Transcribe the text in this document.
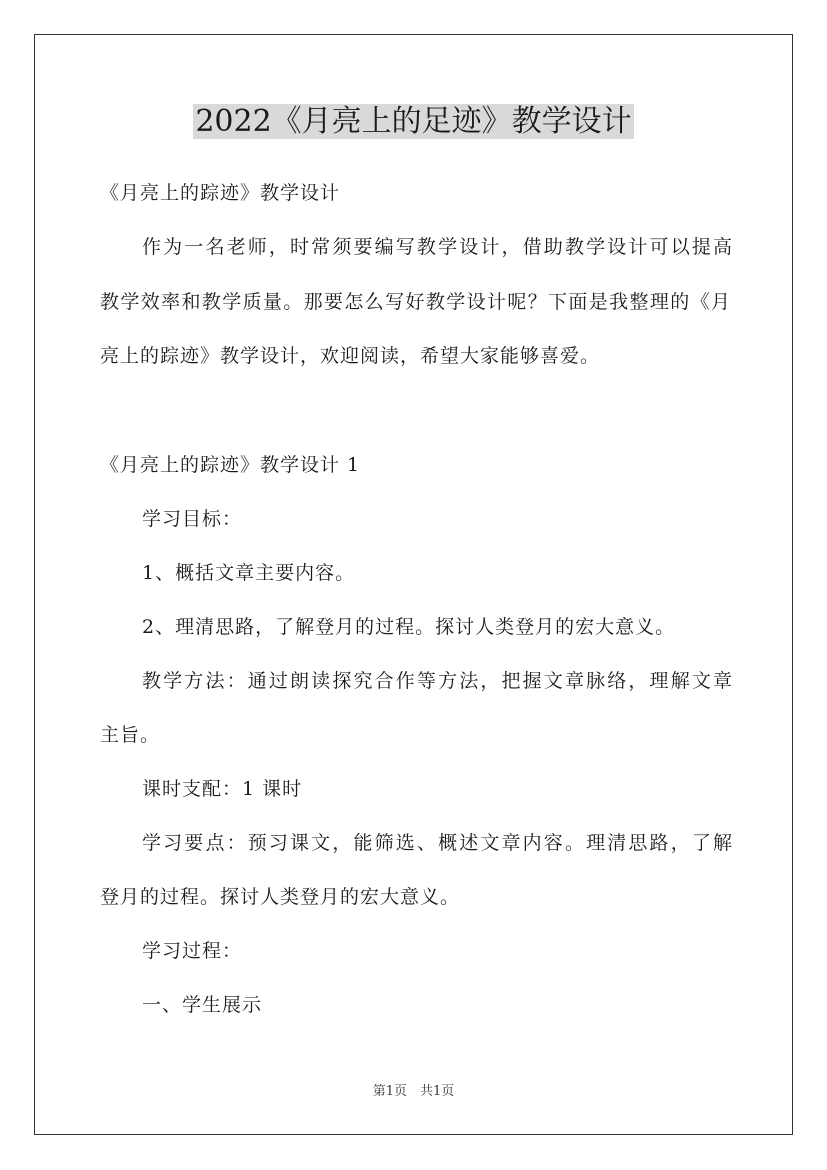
2022《月亮上的足迹》教学设计
《月亮上的踪迹》教学设计
作为一名老师，时常须要编写教学设计，借助教学设计可以提高
教学效率和教学质量。那要怎么写好教学设计呢？下面是我整理的《月
亮上的踪迹》教学设计，欢迎阅读，希望大家能够喜爱。
《月亮上的踪迹》教学设计 1
学习目标：
1、概括文章主要内容。
2、理清思路，了解登月的过程。探讨人类登月的宏大意义。
教学方法：通过朗读探究合作等方法，把握文章脉络，理解文章
主旨。
课时支配：1 课时
学习要点：预习课文，能筛选、概述文章内容。理清思路，了解
登月的过程。探讨人类登月的宏大意义。
学习过程：
一、学生展示
第1页　共1页
